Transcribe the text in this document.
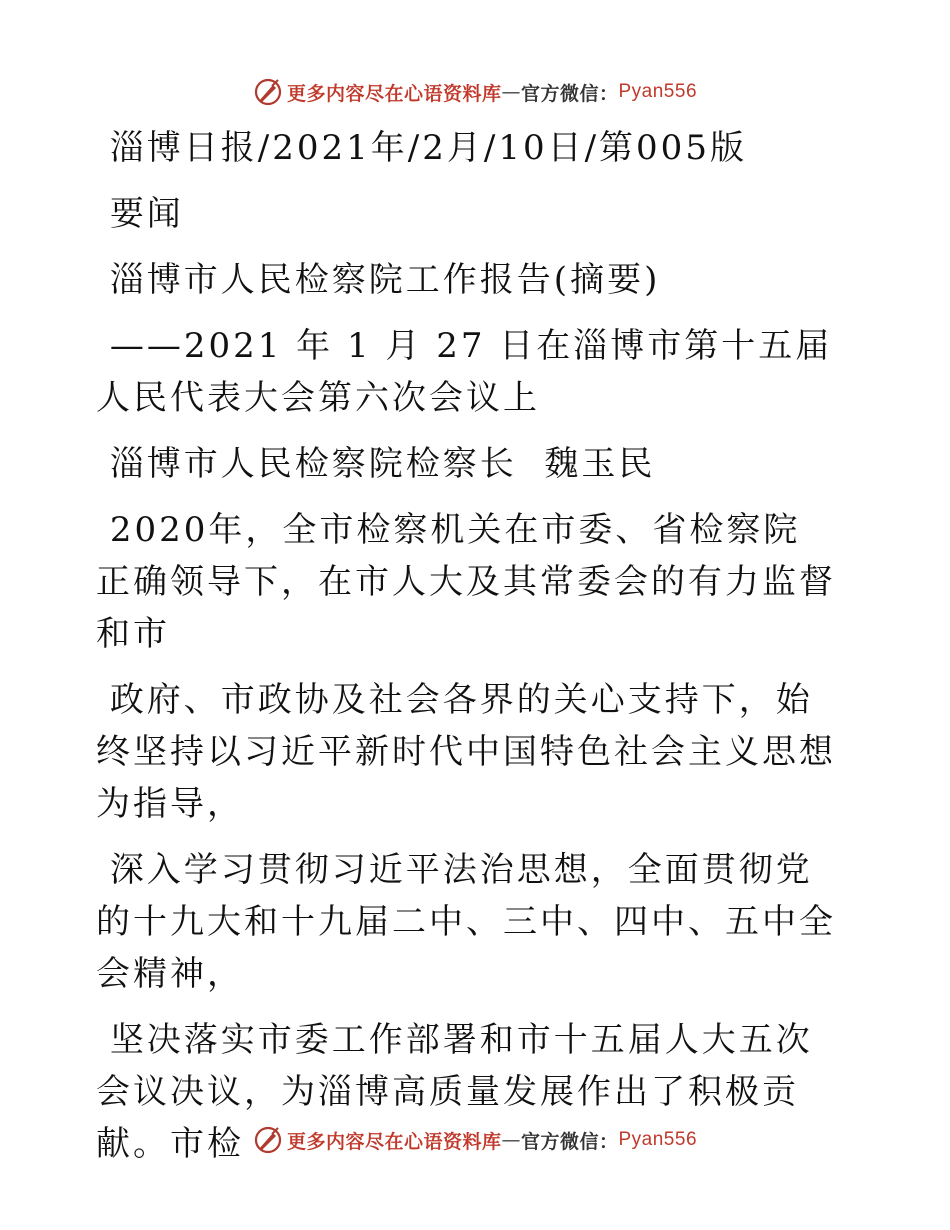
更多内容尽在心语资料库 — 官方微信： Pyan556

淄博日报/2021年/2月/10日/第005版

要闻

淄博市人民检察院工作报告(摘要)

——2021 年 1 月 27 日在淄博市第十五届人民代表大会第六次会议上

淄博市人民检察院检察长  魏玉民

2020年，全市检察机关在市委、省检察院正确领导下，在市人大及其常委会的有力监督和市

政府、市政协及社会各界的关心支持下，始终坚持以习近平新时代中国特色社会主义思想为指导，

深入学习贯彻习近平法治思想，全面贯彻党的十九大和十九届二中、三中、四中、五中全会精神，

坚决落实市委工作部署和市十五届人大五次会议决议，为淄博高质量发展作出了积极贡献。市检	更多内容尽在心语资料库 — 官方微信： Pyan556
